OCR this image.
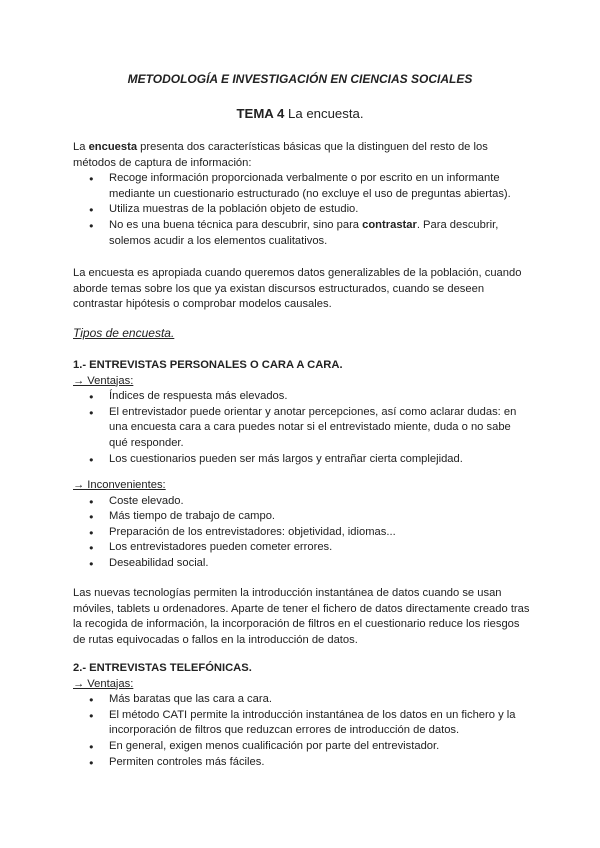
METODOLOGÍA E INVESTIGACIÓN EN CIENCIAS SOCIALES
TEMA 4 La encuesta.

La encuesta presenta dos características básicas que la distinguen del resto de los métodos de captura de información:

● Recoge información proporcionada verbalmente o por escrito en un informante mediante un cuestionario estructurado (no excluye el uso de preguntas abiertas).
● Utiliza muestras de la población objeto de estudio.
● No es una buena técnica para descubrir, sino para contrastar. Para descubrir, solemos acudir a los elementos cualitativos.

La encuesta es apropiada cuando queremos datos generalizables de la población, cuando aborde temas sobre los que ya existan discursos estructurados, cuando se deseen contrastar hipótesis o comprobar modelos causales.

Tipos de encuesta.
1.- ENTREVISTAS PERSONALES O CARA A CARA.
→ Ventajas:
● Índices de respuesta más elevados.
● El entrevistador puede orientar y anotar percepciones, así como aclarar dudas: en una encuesta cara a cara puedes notar si el entrevistado miente, duda o no sabe qué responder.
● Los cuestionarios pueden ser más largos y entrañar cierta complejidad.
→ Inconvenientes:
● Coste elevado.
● Más tiempo de trabajo de campo.
● Preparación de los entrevistadores: objetividad, idiomas...
● Los entrevistadores pueden cometer errores.
● Deseabilidad social.

Las nuevas tecnologías permiten la introducción instantánea de datos cuando se usan móviles, tablets u ordenadores. Aparte de tener el fichero de datos directamente creado tras la recogida de información, la incorporación de filtros en el cuestionario reduce los riesgos de rutas equivocadas o fallos en la introducción de datos.

2.- ENTREVISTAS TELEFÓNICAS.
→ Ventajas:
● Más baratas que las cara a cara.
● El método CATI permite la introducción instantánea de los datos en un fichero y la incorporación de filtros que reduzcan errores de introducción de datos.
● En general, exigen menos cualificación por parte del entrevistador.
● Permiten controles más fáciles.
